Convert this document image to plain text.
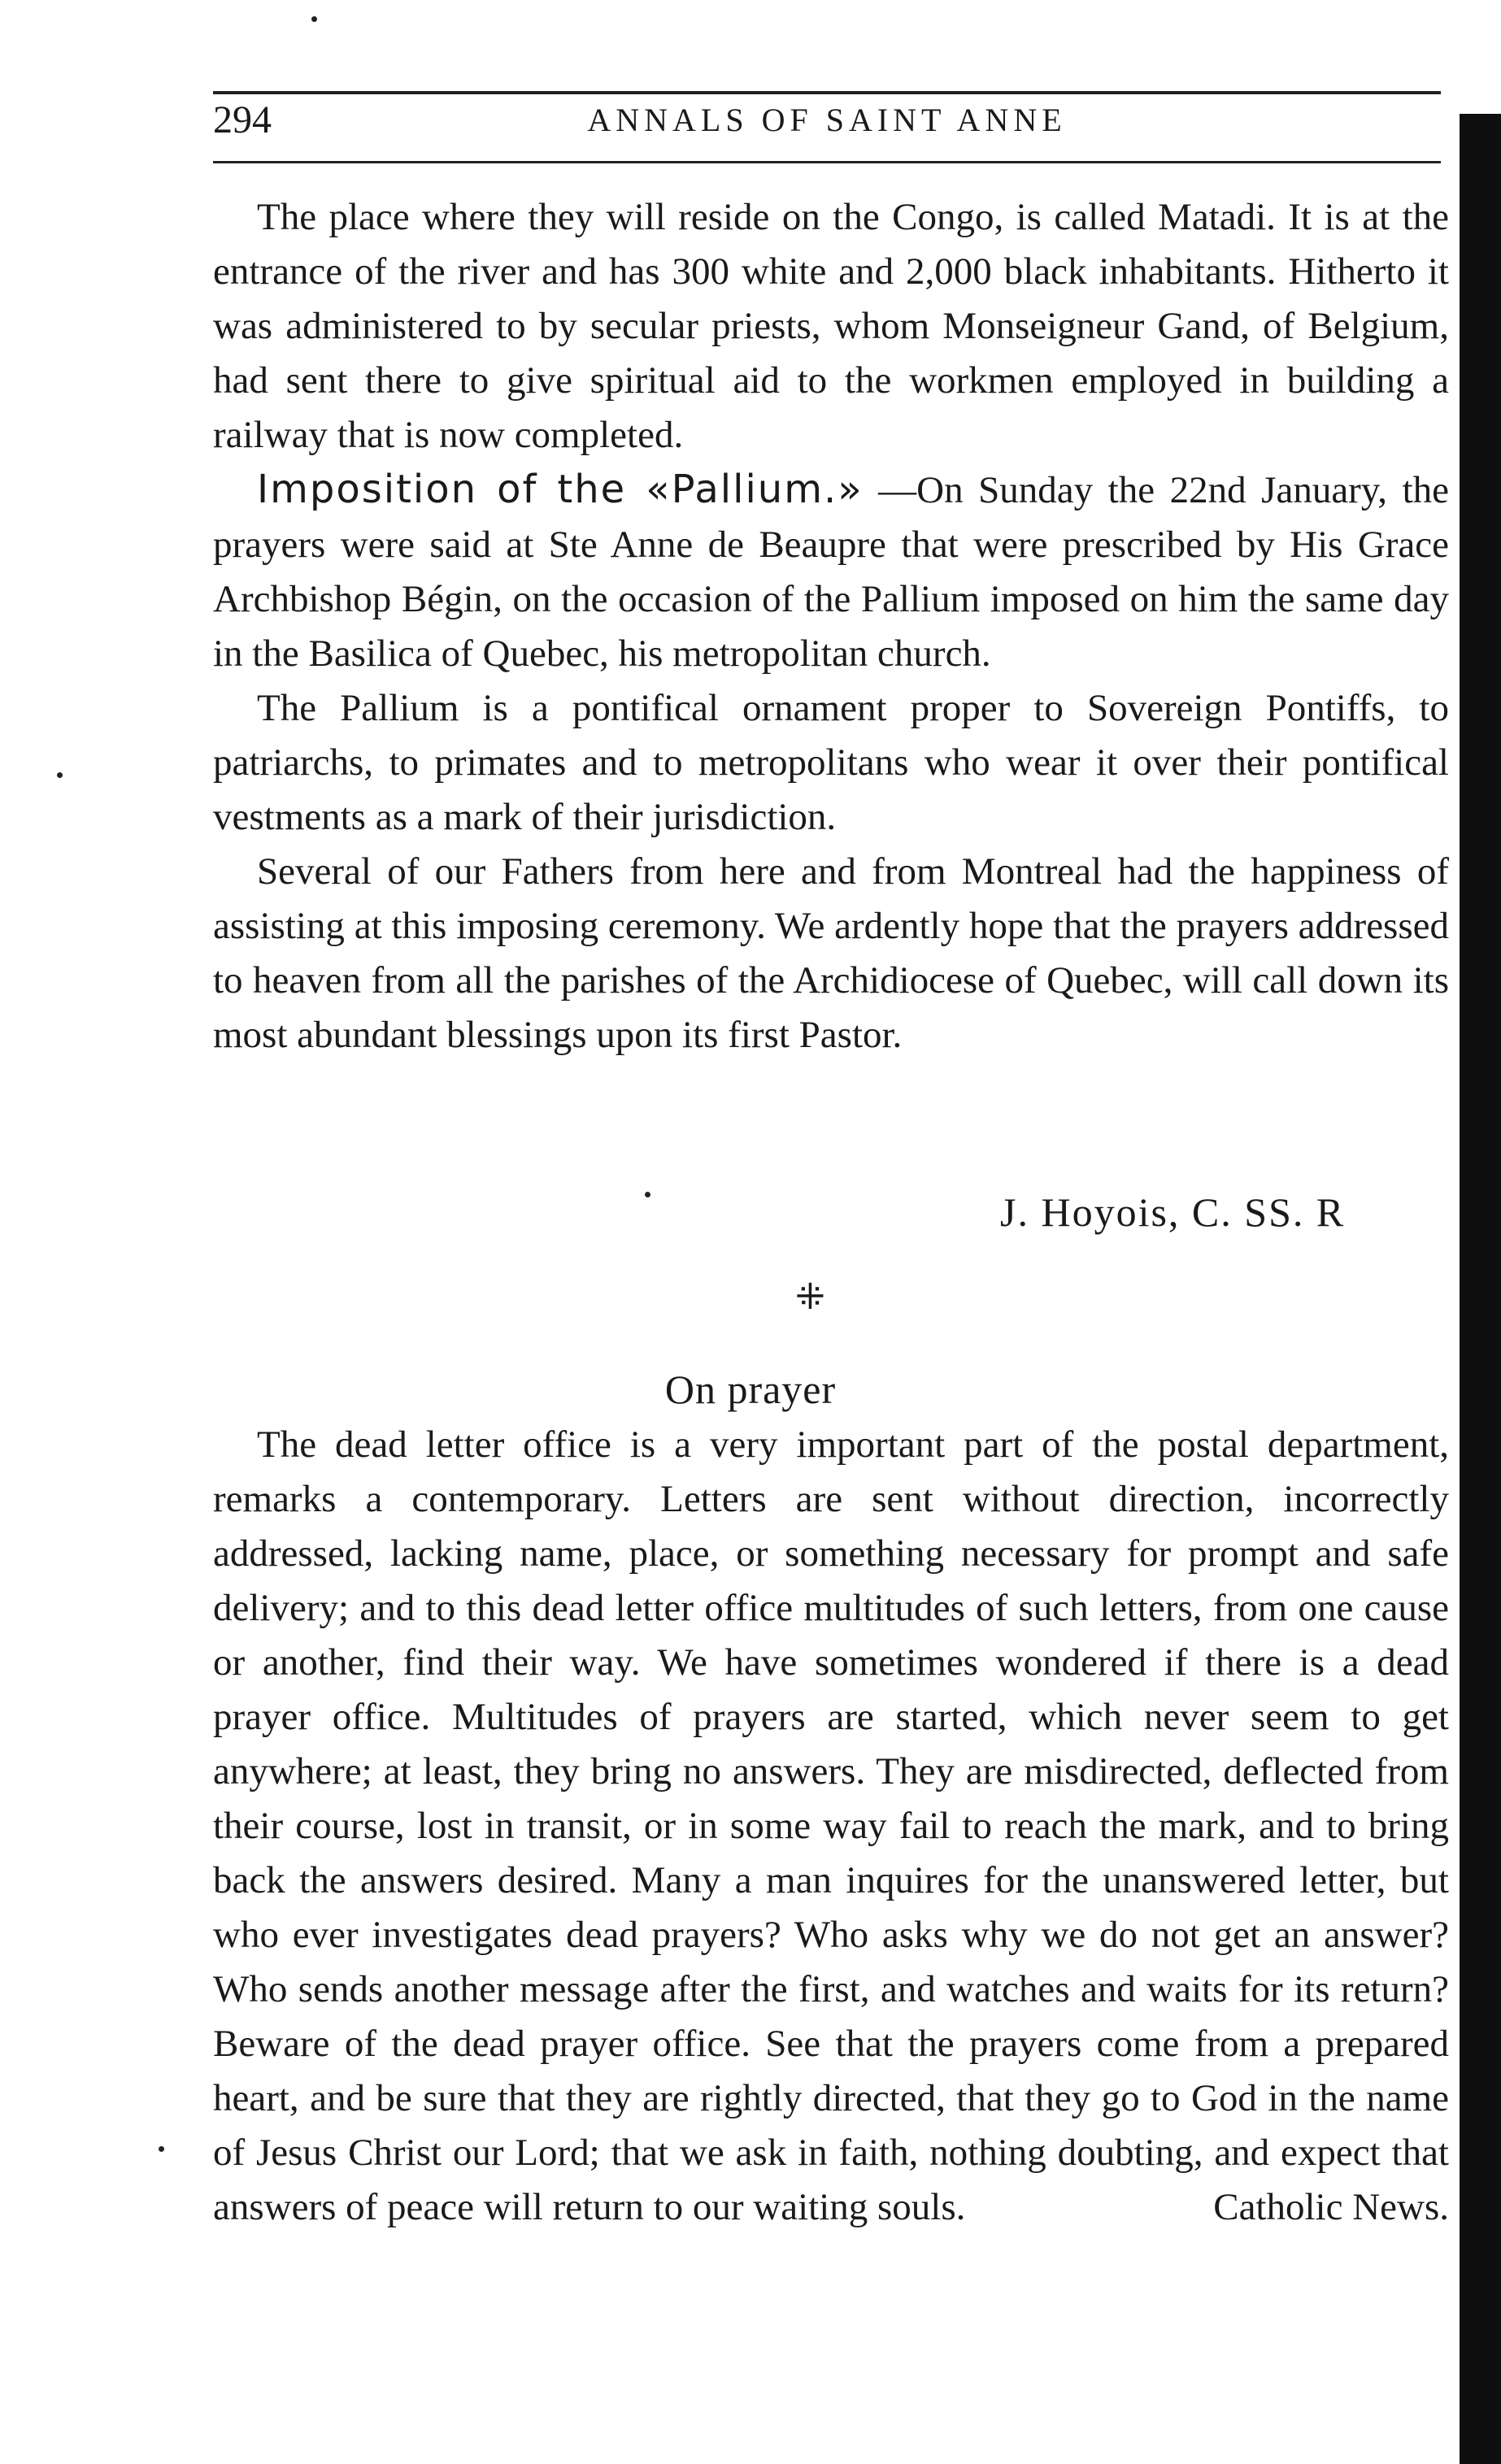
294	ANNALS OF SAINT ANNE

The place where they will reside on the Congo, is called Matadi. It is at the entrance of the river and has 300 white and 2,000 black inhabitants. Hitherto it was administered to by secular priests, whom Monseigneur Gand, of Belgium, had sent there to give spiritual aid to the workmen employed in building a railway that is now completed.

Imposition of the «Pallium.» —On Sunday the 22nd January, the prayers were said at Ste Anne de Beaupre that were prescribed by His Grace Archbishop Bégin, on the occasion of the Pallium imposed on him the same day in the Basilica of Quebec, his metropolitan church.

The Pallium is a pontifical ornament proper to Sovereign Pontiffs, to patriarchs, to primates and to metropolitans who wear it over their pontifical vestments as a mark of their jurisdiction.

Several of our Fathers from here and from Montreal had the happiness of assisting at this imposing ceremony. We ardently hope that the prayers addressed to heaven from all the parishes of the Archidiocese of Quebec, will call down its most abundant blessings upon its first Pastor.

J. Hoyois, C. SS. R
⁜
On prayer

The dead letter office is a very important part of the postal department, remarks a contemporary. Letters are sent without direction, incorrectly addressed, lacking name, place, or something necessary for prompt and safe delivery; and to this dead letter office multitudes of such letters, from one cause or another, find their way. We have sometimes wondered if there is a dead prayer office. Multitudes of prayers are started, which never seem to get anywhere; at least, they bring no answers. They are misdirected, deflected from their course, lost in transit, or in some way fail to reach the mark, and to bring back the answers desired. Many a man inquires for the unanswered letter, but who ever investigates dead prayers? Who asks why we do not get an answer? Who sends another message after the first, and watches and waits for its return? Beware of the dead prayer office. See that the prayers come from a prepared heart, and be sure that they are rightly directed, that they go to God in the name of Jesus Christ our Lord; that we ask in faith, nothing doubting, and expect that answers of peace will return to our waiting souls.	Catholic News.
